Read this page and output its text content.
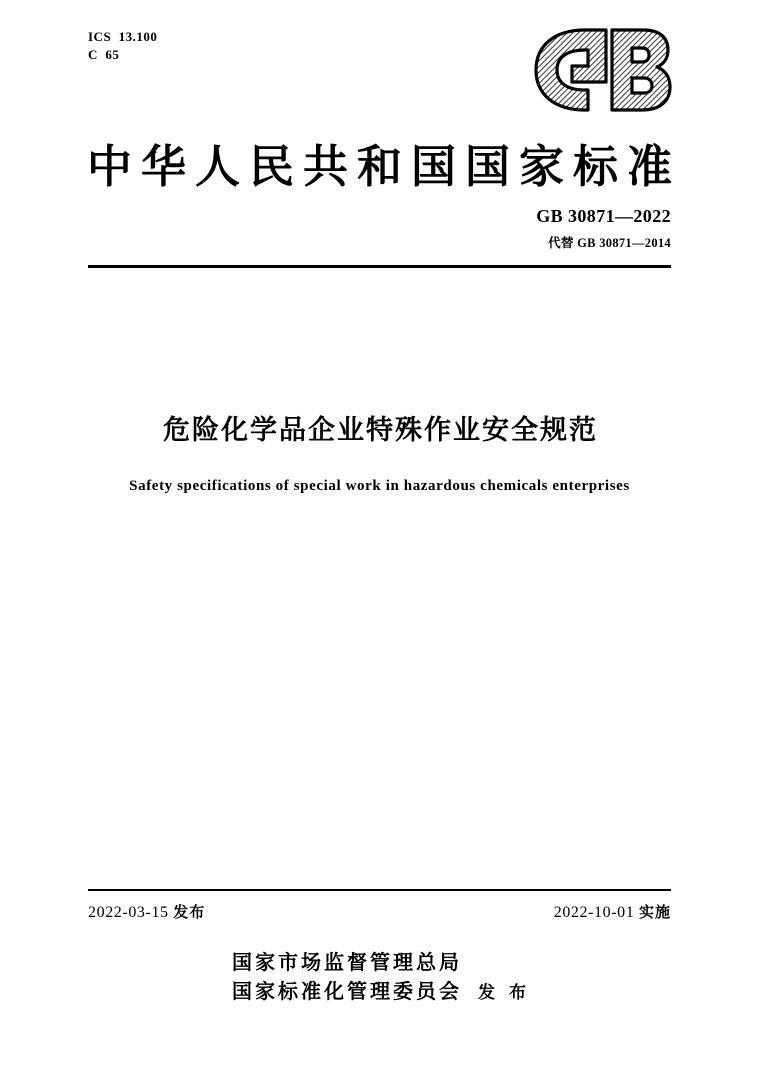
ICS  13.100
C  65
中华人民共和国国家标准
GB 30871—2022
代替 GB 30871—2014
危险化学品企业特殊作业安全规范
Safety specifications of special work in hazardous chemicals enterprises
2022-03-15 发布	2022-10-01 实施
国家市场监督管理总局
国家标准化管理委员会 发 布
